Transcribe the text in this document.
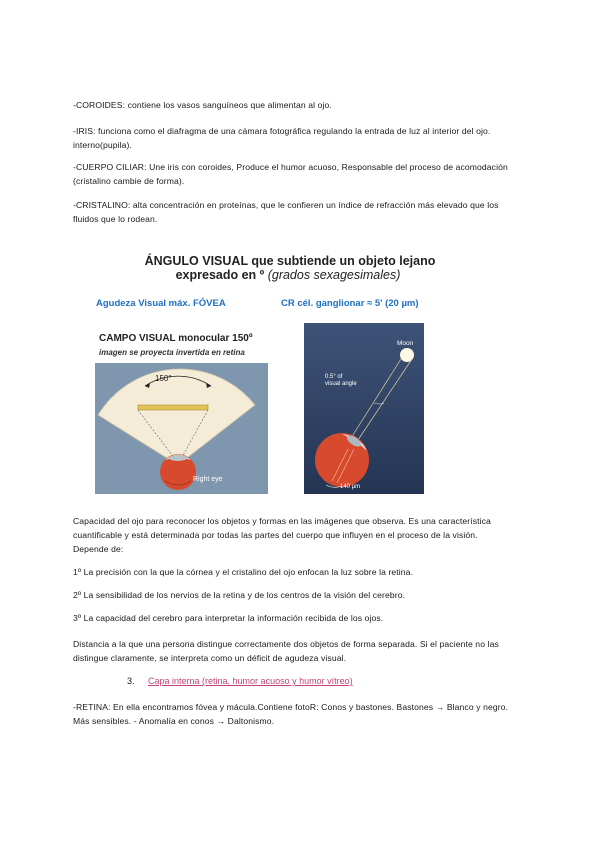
-COROIDES: contiene los vasos sanguíneos que alimentan al ojo.
-IRIS: funciona como el diafragma de una cámara fotográfica regulando la entrada de luz al interior del ojo. interno(pupila).
-CUERPO CILIAR: Une iris con coroides, Produce el humor acuoso, Responsable del proceso de acomodación (cristalino cambie de forma).
-CRISTALINO: alta concentración en proteínas, que le confieren un índice de refracción más elevado que los fluidos que lo rodean.
ÁNGULO VISUAL que subtiende un objeto lejano
expresado en º (grados sexagesimales)
Agudeza Visual máx. FÓVEA	CR cél. ganglionar ≈ 5' (20 µm)
CAMPO VISUAL monocular 150º
imagen se proyecta invertida en retina
150°
Right eye
Moon
0.5° of
visual angle
140 µm
Capacidad del ojo para reconocer los objetos y formas en las imágenes que observa. Es una característica cuantificable y está determinada por todas las partes del cuerpo que influyen en el proceso de la visión. Depende de:
1º La precisión con la que la córnea y el cristalino del ojo enfocan la luz sobre la retina.
2º La sensibilidad de los nervios de la retina y de los centros de la visión del cerebro.
3º La capacidad del cerebro para interpretar la información recibida de los ojos.
Distancia a la que una persona distingue correctamente dos objetos de forma separada. Si el paciente no las distingue claramente, se interpreta como un déficit de agudeza visual.
3. Capa interna (retina, humor acuoso y humor vítreo)
-RETINA: En ella encontramos fóvea y mácula.Contiene fotoR: Conos y bastones. Bastones → Blanco y negro. Más sensibles. - Anomalía en conos → Daltonismo.
